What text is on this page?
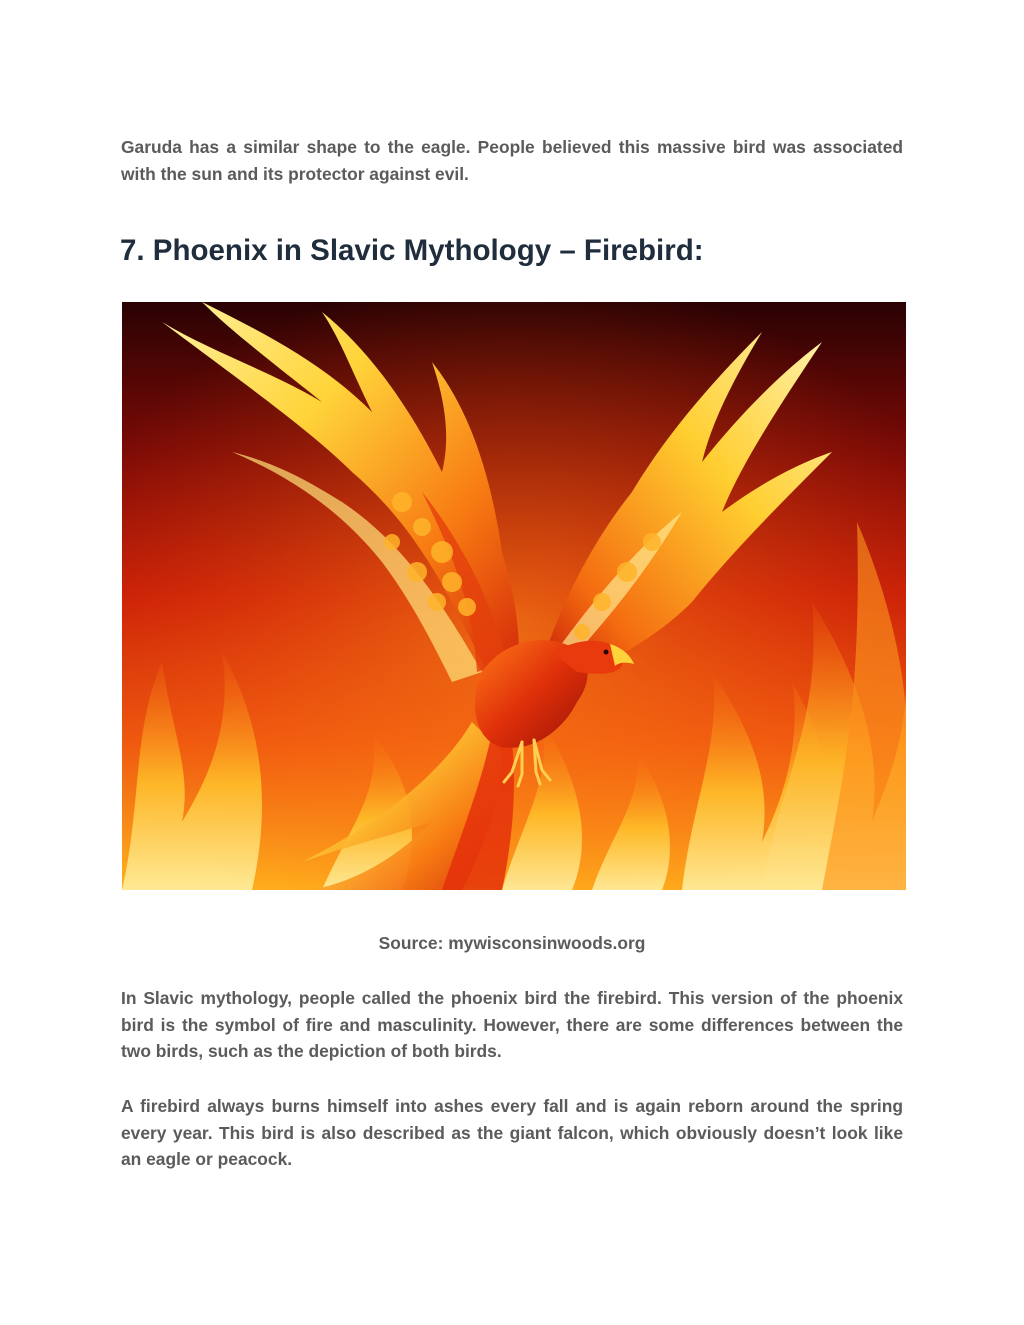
Garuda has a similar shape to the eagle. People believed this massive bird was associated with the sun and its protector against evil.

7. Phoenix in Slavic Mythology – Firebird:

Source: mywisconsinwoods.org

In Slavic mythology, people called the phoenix bird the firebird. This version of the phoenix bird is the symbol of fire and masculinity. However, there are some differences between the two birds, such as the depiction of both birds.

A firebird always burns himself into ashes every fall and is again reborn around the spring every year. This bird is also described as the giant falcon, which obviously doesn’t look like an eagle or peacock.
